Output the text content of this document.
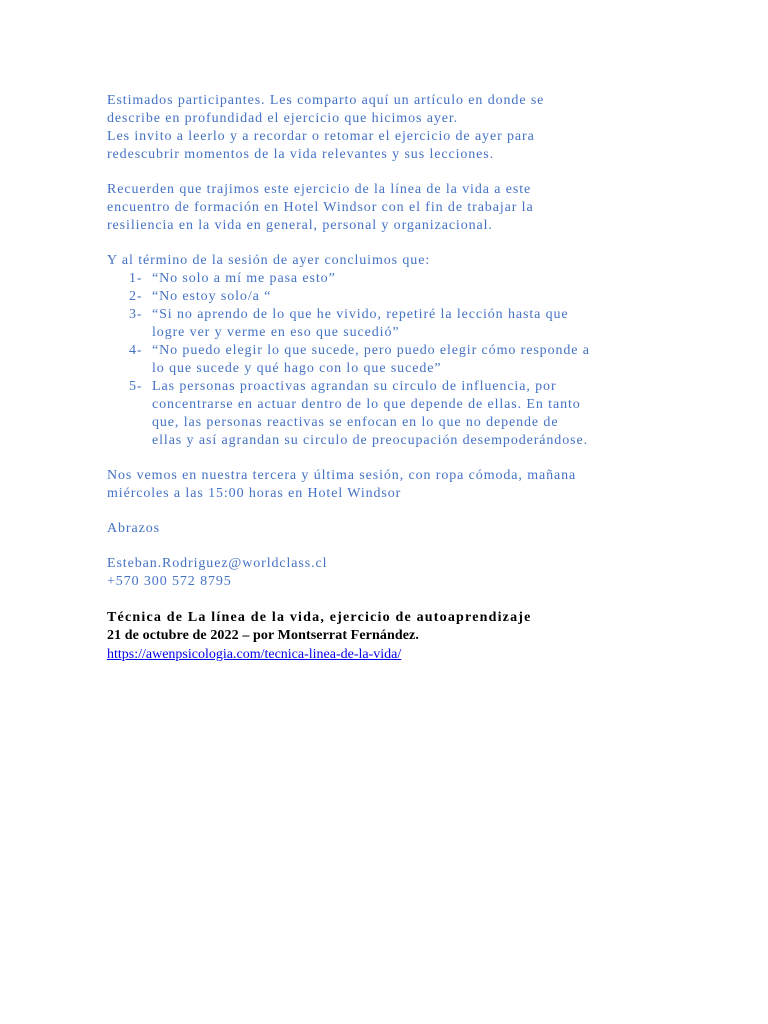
Estimados participantes. Les comparto aquí un artículo en donde se
describe en profundidad el ejercicio que hicimos ayer.
Les invito a leerlo y a recordar o retomar el ejercicio de ayer para
redescubrir momentos de la vida relevantes y sus lecciones.

Recuerden que trajimos este ejercicio de la línea de la vida a este
encuentro de formación en Hotel Windsor con el fin de trabajar la
resiliencia en la vida en general, personal y organizacional.

Y al término de la sesión de ayer concluimos que:

1- “No solo a mí me pasa esto”
2- “No estoy solo/a “
3- “Si no aprendo de lo que he vivido, repetiré la lección hasta que
logre ver y verme en eso que sucedió”
4- “No puedo elegir lo que sucede, pero puedo elegir cómo responde a
lo que sucede y qué hago con lo que sucede”
5- Las personas proactivas agrandan su circulo de influencia, por
concentrarse en actuar dentro de lo que depende de ellas. En tanto
que, las personas reactivas se enfocan en lo que no depende de
ellas y así agrandan su circulo de preocupación desempoderándose.

Nos vemos en nuestra tercera y última sesión, con ropa cómoda, mañana
miércoles a las 15:00 horas en Hotel Windsor

Abrazos

Esteban.Rodriguez@worldclass.cl
+570 300 572 8795

Técnica de La línea de la vida, ejercicio de autoaprendizaje
21 de octubre de 2022 – por Montserrat Fernández.
https://awenpsicologia.com/tecnica-linea-de-la-vida/
